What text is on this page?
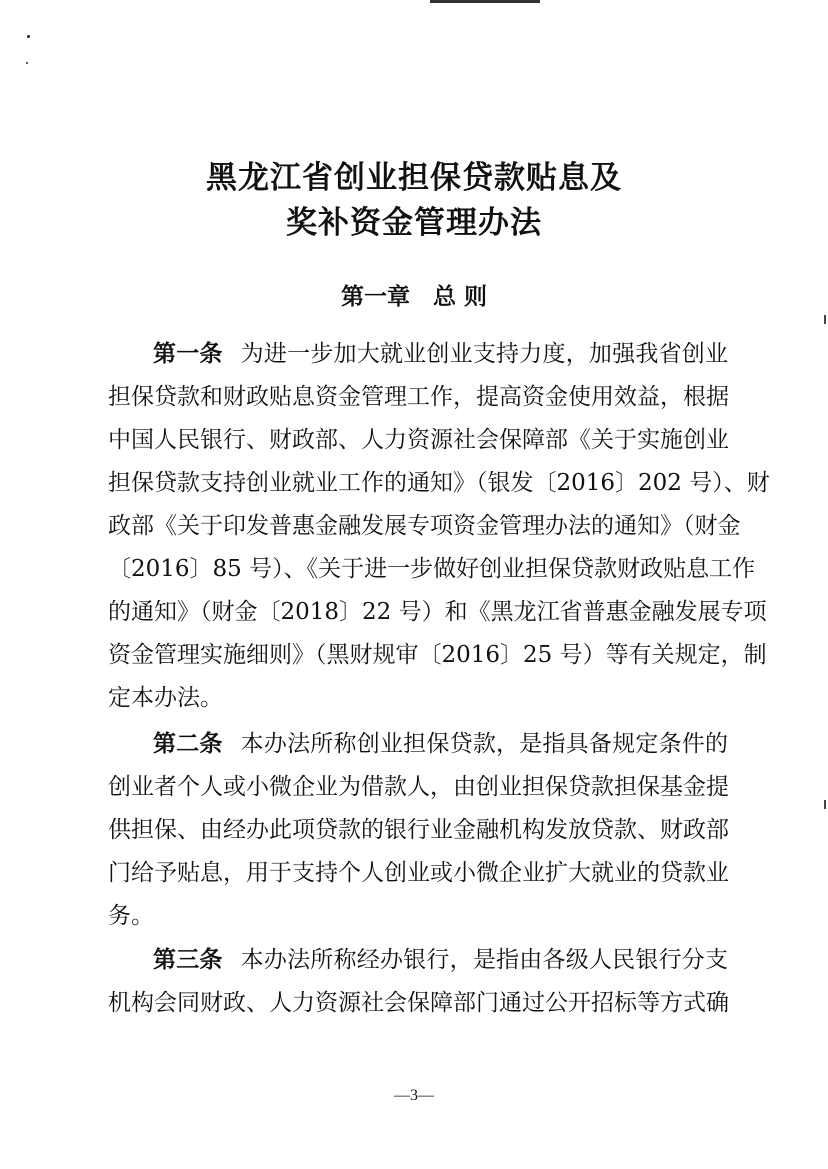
黑龙江省创业担保贷款贴息及
奖补资金管理办法
第一章　总 则
第一条 为进一步加大就业创业支持力度，加强我省创业
担保贷款和财政贴息资金管理工作，提高资金使用效益，根据
中国人民银行、财政部、人力资源社会保障部《关于实施创业
担保贷款支持创业就业工作的通知》（银发〔2016〕202 号）、财
政部《关于印发普惠金融发展专项资金管理办法的通知》（财金
〔2016〕85 号）、《关于进一步做好创业担保贷款财政贴息工作
的通知》（财金〔2018〕22 号）和《黑龙江省普惠金融发展专项
资金管理实施细则》（黑财规审〔2016〕25 号）等有关规定，制
定本办法。
第二条 本办法所称创业担保贷款，是指具备规定条件的
创业者个人或小微企业为借款人，由创业担保贷款担保基金提
供担保、由经办此项贷款的银行业金融机构发放贷款、财政部
门给予贴息，用于支持个人创业或小微企业扩大就业的贷款业
务。
第三条 本办法所称经办银行，是指由各级人民银行分支
机构会同财政、人力资源社会保障部门通过公开招标等方式确
—3—
